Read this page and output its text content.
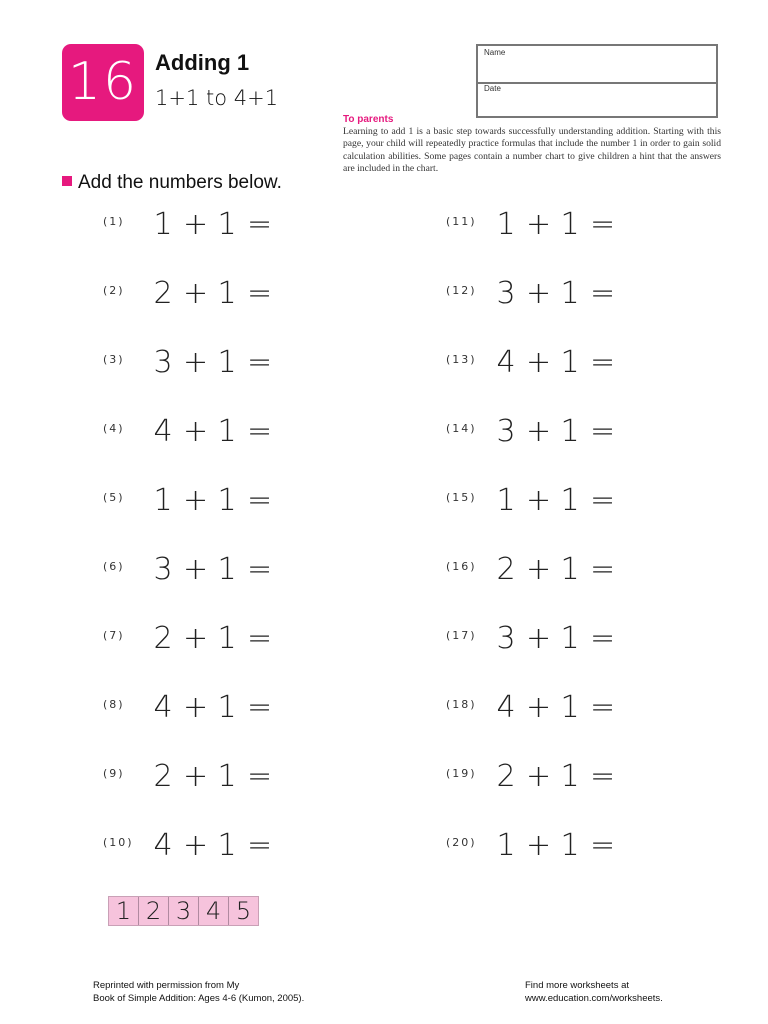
16 Adding 1
1+1 to 4+1
Name
Date
To parents
Learning to add 1 is a basic step towards successfully understanding addition. Starting with this page, your child will repeatedly practice formulas that include the number 1 in order to gain solid calculation abilities. Some pages contain a number chart to give children a hint that the answers are included in the chart.
Add the numbers below.
(1) 1 + 1 =
(2) 2 + 1 =
(3) 3 + 1 =
(4) 4 + 1 =
(5) 1 + 1 =
(6) 3 + 1 =
(7) 2 + 1 =
(8) 4 + 1 =
(9) 2 + 1 =
(10) 4 + 1 =
(11) 1 + 1 =
(12) 3 + 1 =
(13) 4 + 1 =
(14) 3 + 1 =
(15) 1 + 1 =
(16) 2 + 1 =
(17) 3 + 1 =
(18) 4 + 1 =
(19) 2 + 1 =
(20) 1 + 1 =
1 2 3 4 5
Reprinted with permission from My
Book of Simple Addition: Ages 4-6 (Kumon, 2005).
Find more worksheets at
www.education.com/worksheets.
